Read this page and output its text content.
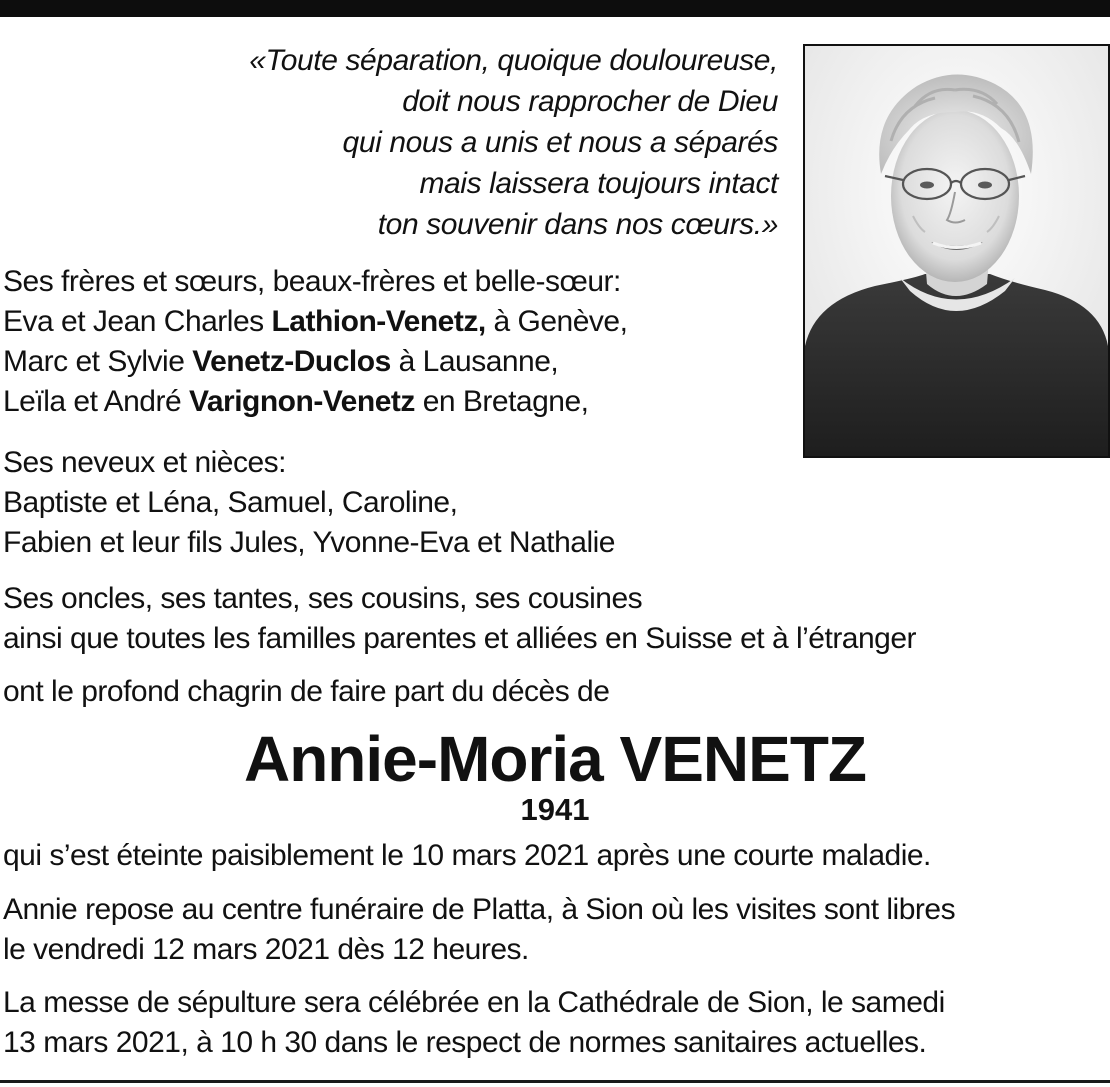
«Toute séparation, quoique douloureuse,
doit nous rapprocher de Dieu
qui nous a unis et nous a séparés
mais laissera toujours intact
ton souvenir dans nos cœurs.»
Ses frères et sœurs, beaux-frères et belle-sœur:
Eva et Jean Charles Lathion-Venetz, à Genève,
Marc et Sylvie Venetz-Duclos à Lausanne,
Leïla et André Varignon-Venetz en Bretagne,
Ses neveux et nièces:
Baptiste et Léna, Samuel, Caroline,
Fabien et leur fils Jules, Yvonne-Eva et Nathalie
Ses oncles, ses tantes, ses cousins, ses cousines
ainsi que toutes les familles parentes et alliées en Suisse et à l’étranger
ont le profond chagrin de faire part du décès de
Annie-Moria VENETZ
1941
qui s’est éteinte paisiblement le 10 mars 2021 après une courte maladie.
Annie repose au centre funéraire de Platta, à Sion où les visites sont libres
le vendredi 12 mars 2021 dès 12 heures.
La messe de sépulture sera célébrée en la Cathédrale de Sion, le samedi
13 mars 2021, à 10 h 30 dans le respect de normes sanitaires actuelles.
